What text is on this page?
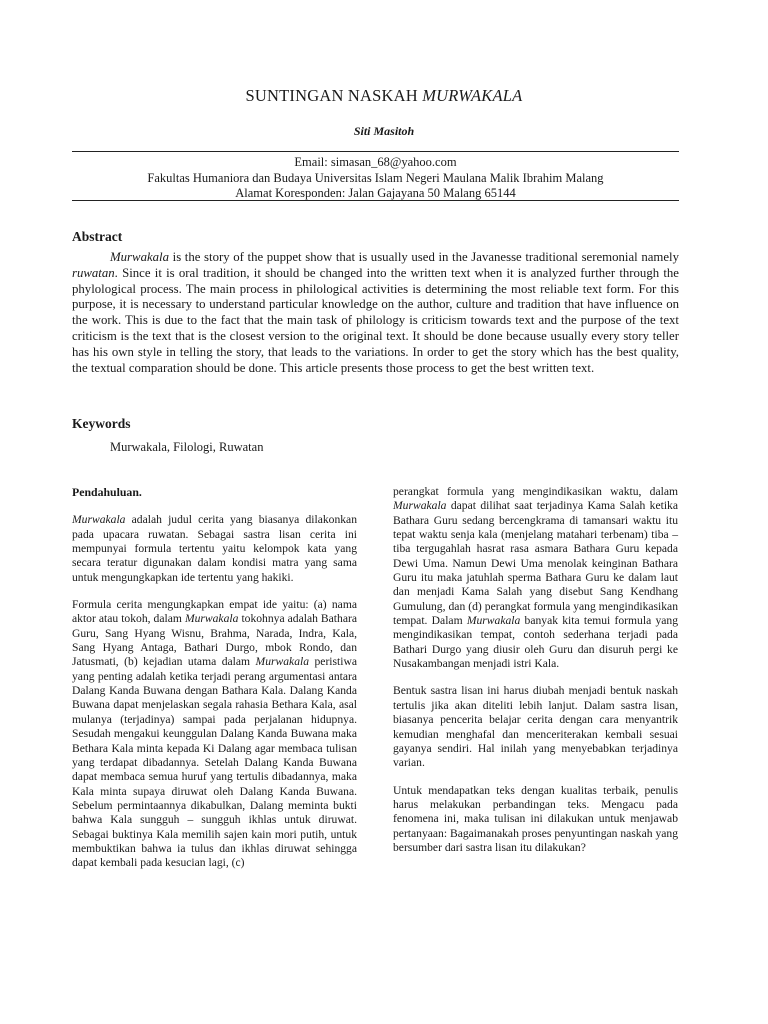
SUNTINGAN NASKAH MURWAKALA
Siti Masitoh
Email: simasan_68@yahoo.com
Fakultas Humaniora dan Budaya Universitas Islam Negeri Maulana Malik Ibrahim Malang
Alamat Koresponden: Jalan Gajayana 50 Malang 65144
Abstract

Murwakala is the story of the puppet show that is usually used in the Javanesse traditional seremonial namely ruwatan. Since it is oral tradition, it should be changed into the written text when it is analyzed further through the phylological process. The main process in philological activities is determining the most reliable text form. For this purpose, it is necessary to understand particular knowledge on the author, culture and tradition that have influence on the work. This is due to the fact that the main task of philology is criticism towards text and the purpose of the text criticism is the text that is the closest version to the original text. It should be done because usually every story teller has his own style in telling the story, that leads to the variations. In order to get the story which has the best quality, the textual comparation should be done. This article presents those process to get the best written text.

Keywords
Murwakala, Filologi, Ruwatan
Pendahuluan.

Murwakala adalah judul cerita yang biasanya dilakonkan pada upacara ruwatan. Sebagai sastra lisan cerita ini mempunyai formula tertentu yaitu kelompok kata yang secara teratur digunakan dalam kondisi matra yang sama untuk mengungkapkan ide tertentu yang hakiki.

Formula cerita mengungkapkan empat ide yaitu: (a) nama aktor atau tokoh, dalam Murwakala tokohnya adalah Bathara Guru, Sang Hyang Wisnu, Brahma, Narada, Indra, Kala, Sang Hyang Antaga, Bathari Durgo, mbok Rondo, dan Jatusmati, (b) kejadian utama dalam Murwakala peristiwa yang penting adalah ketika terjadi perang argumentasi antara Dalang Kanda Buwana dengan Bathara Kala. Dalang Kanda Buwana dapat menjelaskan segala rahasia Bethara Kala, asal mulanya (terjadinya) sampai pada perjalanan hidupnya. Sesudah mengakui keunggulan Dalang Kanda Buwana maka Bethara Kala minta kepada Ki Dalang agar membaca tulisan yang terdapat dibadannya. Setelah Dalang Kanda Buwana dapat membaca semua huruf yang tertulis dibadannya, maka Kala minta supaya diruwat oleh Dalang Kanda Buwana. Sebelum permintaannya dikabulkan, Dalang meminta bukti bahwa Kala sungguh – sungguh ikhlas untuk diruwat. Sebagai buktinya Kala memilih sajen kain mori putih, untuk membuktikan bahwa ia tulus dan ikhlas diruwat sehingga dapat kembali pada kesucian lagi, (c)

perangkat formula yang mengindikasikan waktu, dalam Murwakala dapat dilihat saat terjadinya Kama Salah ketika Bathara Guru sedang bercengkrama di tamansari waktu itu tepat waktu senja kala (menjelang matahari terbenam) tiba – tiba tergugahlah hasrat rasa asmara Bathara Guru kepada Dewi Uma. Namun Dewi Uma menolak keinginan Bathara Guru itu maka jatuhlah sperma Bathara Guru ke dalam laut dan menjadi Kama Salah yang disebut Sang Kendhang Gumulung, dan (d) perangkat formula yang mengindikasikan tempat. Dalam Murwakala banyak kita temui formula yang mengindikasikan tempat, contoh sederhana terjadi pada Bathari Durgo yang diusir oleh Guru dan disuruh pergi ke Nusakambangan menjadi istri Kala.

Bentuk sastra lisan ini harus diubah menjadi bentuk naskah tertulis jika akan diteliti lebih lanjut. Dalam sastra lisan, biasanya pencerita belajar cerita dengan cara menyantrik kemudian menghafal dan menceriterakan kembali sesuai gayanya sendiri. Hal inilah yang menyebabkan terjadinya varian.

Untuk mendapatkan teks dengan kualitas terbaik, penulis harus melakukan perbandingan teks. Mengacu pada fenomena ini, maka tulisan ini dilakukan untuk menjawab pertanyaan: Bagaimanakah proses penyuntingan naskah yang bersumber dari sastra lisan itu dilakukan?
